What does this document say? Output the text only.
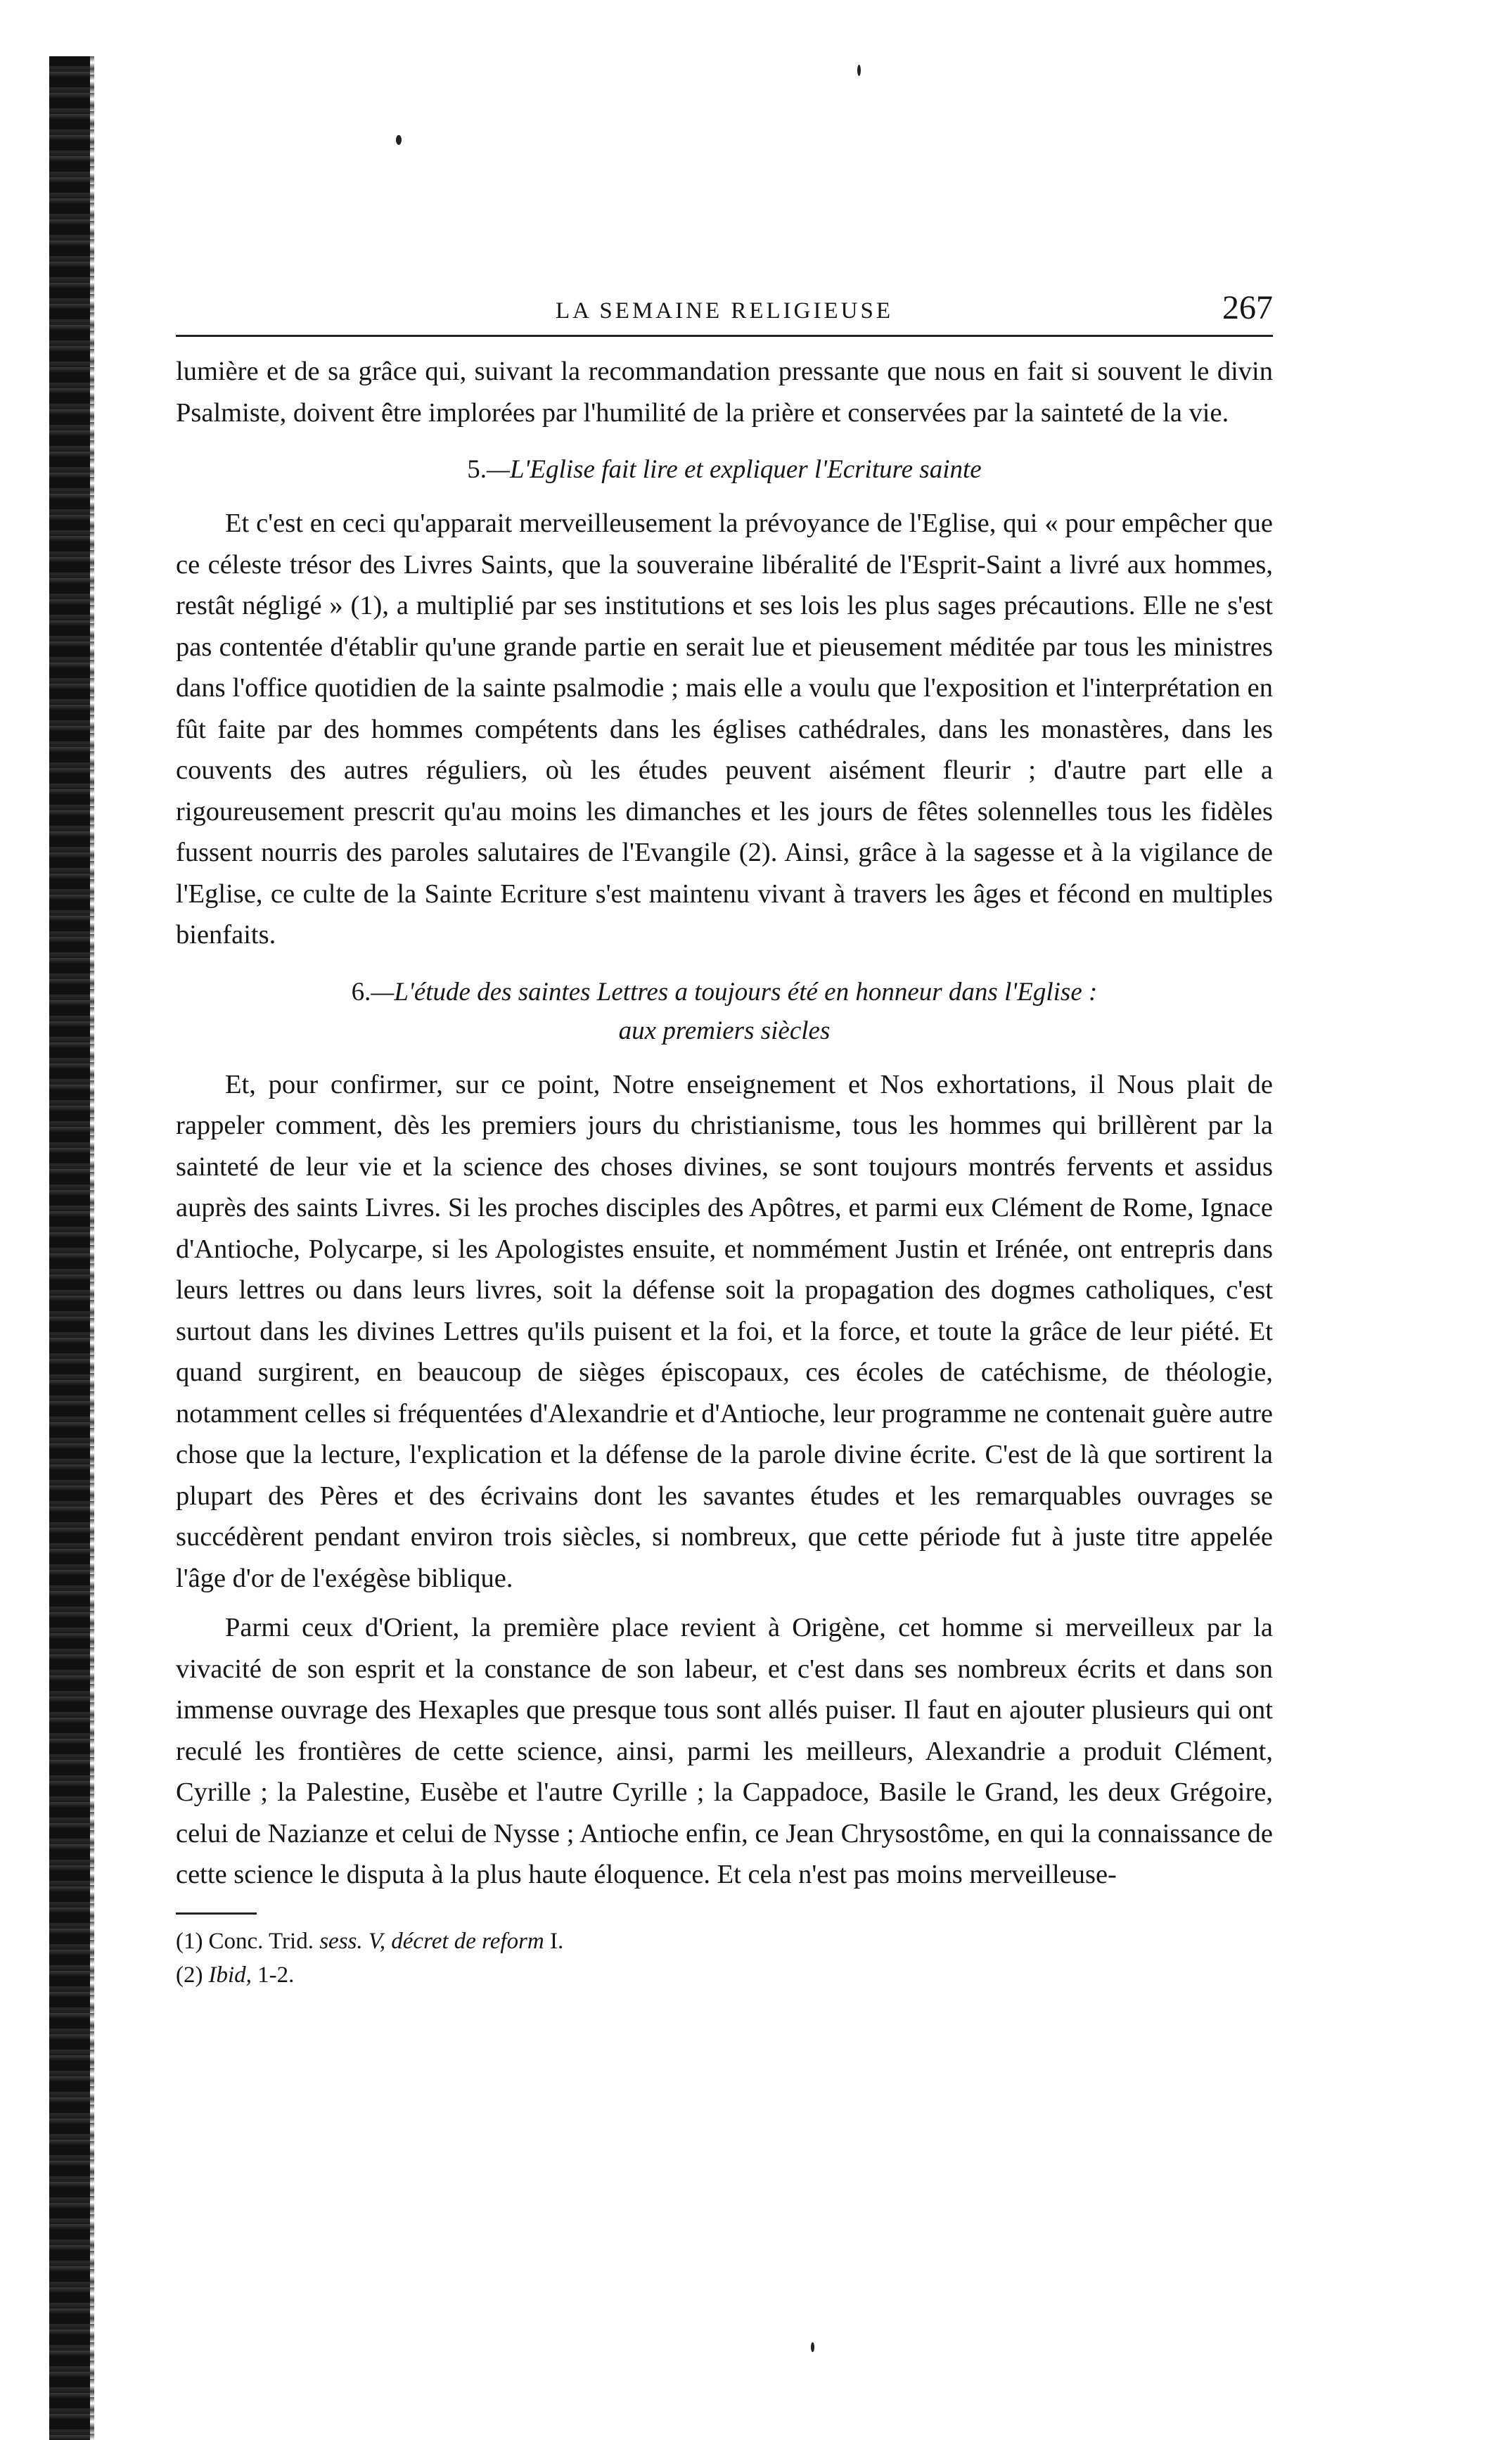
LA SEMAINE RELIGIEUSE	267

lumière et de sa grâce qui, suivant la recommandation pressante que nous en fait si souvent le divin Psalmiste, doivent être implorées par l'humilité de la prière et conservées par la sainteté de la vie.

5.—L'Eglise fait lire et expliquer l'Ecriture sainte

Et c'est en ceci qu'apparait merveilleusement la prévoyance de l'Eglise, qui « pour empêcher que ce céleste trésor des Livres Saints, que la souveraine libéralité de l'Esprit-Saint a livré aux hommes, restât négligé » (1), a multiplié par ses institutions et ses lois les plus sages précautions. Elle ne s'est pas contentée d'établir qu'une grande partie en serait lue et pieusement méditée par tous les ministres dans l'office quotidien de la sainte psalmodie ; mais elle a voulu que l'exposition et l'interprétation en fût faite par des hommes compétents dans les églises cathédrales, dans les monastères, dans les couvents des autres réguliers, où les études peuvent aisément fleurir ; d'autre part elle a rigoureusement prescrit qu'au moins les dimanches et les jours de fêtes solennelles tous les fidèles fussent nourris des paroles salutaires de l'Evangile (2). Ainsi, grâce à la sagesse et à la vigilance de l'Eglise, ce culte de la Sainte Ecriture s'est maintenu vivant à travers les âges et fécond en multiples bienfaits.

6.—L'étude des saintes Lettres a toujours été en honneur dans l'Eglise :
aux premiers siècles

Et, pour confirmer, sur ce point, Notre enseignement et Nos exhortations, il Nous plait de rappeler comment, dès les premiers jours du christianisme, tous les hommes qui brillèrent par la sainteté de leur vie et la science des choses divines, se sont toujours montrés fervents et assidus auprès des saints Livres. Si les proches disciples des Apôtres, et parmi eux Clément de Rome, Ignace d'Antioche, Polycarpe, si les Apologistes ensuite, et nommément Justin et Irénée, ont entrepris dans leurs lettres ou dans leurs livres, soit la défense soit la propagation des dogmes catholiques, c'est surtout dans les divines Lettres qu'ils puisent et la foi, et la force, et toute la grâce de leur piété. Et quand surgirent, en beaucoup de sièges épiscopaux, ces écoles de catéchisme, de théologie, notamment celles si fréquentées d'Alexandrie et d'Antioche, leur programme ne contenait guère autre chose que la lecture, l'explication et la défense de la parole divine écrite. C'est de là que sortirent la plupart des Pères et des écrivains dont les savantes études et les remarquables ouvrages se succédèrent pendant environ trois siècles, si nombreux, que cette période fut à juste titre appelée l'âge d'or de l'exégèse biblique.

Parmi ceux d'Orient, la première place revient à Origène, cet homme si merveilleux par la vivacité de son esprit et la constance de son labeur, et c'est dans ses nombreux écrits et dans son immense ouvrage des Hexaples que presque tous sont allés puiser. Il faut en ajouter plusieurs qui ont reculé les frontières de cette science, ainsi, parmi les meilleurs, Alexandrie a produit Clément, Cyrille ; la Palestine, Eusèbe et l'autre Cyrille ; la Cappadoce, Basile le Grand, les deux Grégoire, celui de Nazianze et celui de Nysse ; Antioche enfin, ce Jean Chrysostôme, en qui la connaissance de cette science le disputa à la plus haute éloquence. Et cela n'est pas moins merveilleuse-

(1) Conc. Trid. sess. V, décret de reform I.

(2) Ibid, 1-2.
